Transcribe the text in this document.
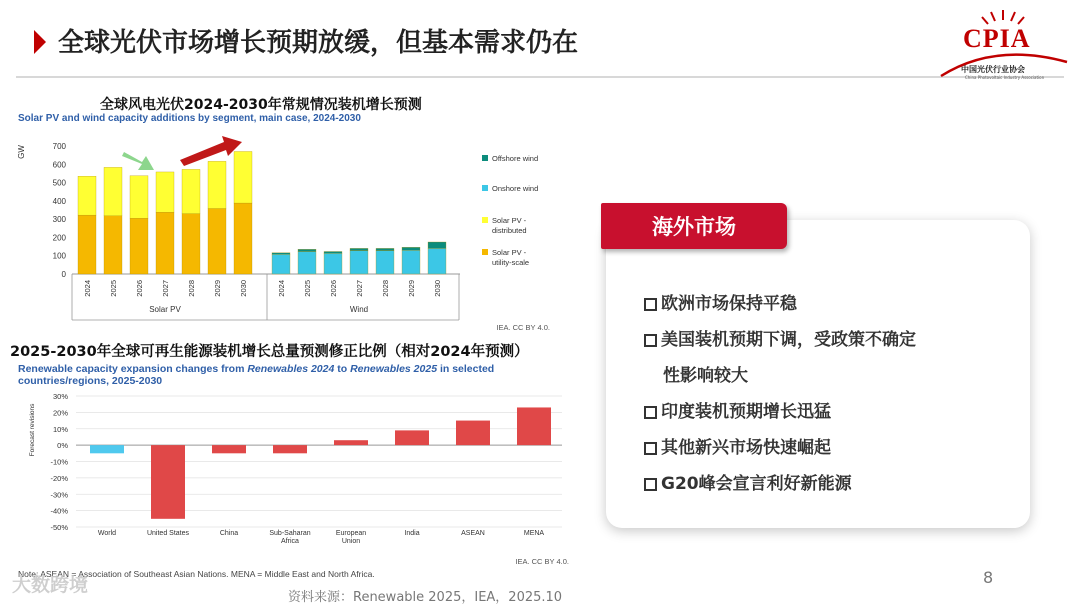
全球光伏市场增长预期放缓，但基本需求仍在	CPIA
中国光伏行业协会
China Photovoltaic Industry Association
全球风电光伏2024-2030年常规情况装机增长预测
Solar PV and wind capacity additions by segment, main case, 2024-2030
GW
0
100
200
300
400
500
600
700
2024 2025 2026 2027 2028 2029 2030
Solar PV
2024 2025 2026 2027 2028 2029 2030
Wind
Offshore wind
Onshore wind
Solar PV -
distributed
Solar PV -
utility-scale
IEA. CC BY 4.0.
2025-2030年全球可再生能源装机增长总量预测修正比例（相对2024年预测）
Renewable capacity expansion changes from Renewables 2024 to Renewables 2025 in selected countries/regions, 2025-2030
30%
20%
10%
0%
-10%
-20%
-30%
-40%
-50%
Forecast revisions
World	United States	China	Sub-Saharan
Africa
European
Union
India	ASEAN	MENA
IEA. CC BY 4.0.
Note: ASEAN = Association of Southeast Asian Nations. MENA = Middle East and North Africa.
大数跨境
资料来源：Renewable 2025，IEA，2025.10
8
海外市场
欧洲市场保持平稳
美国装机预期下调，受政策不确定
性影响较大
印度装机预期增长迅猛
其他新兴市场快速崛起
G20峰会宣言利好新能源
